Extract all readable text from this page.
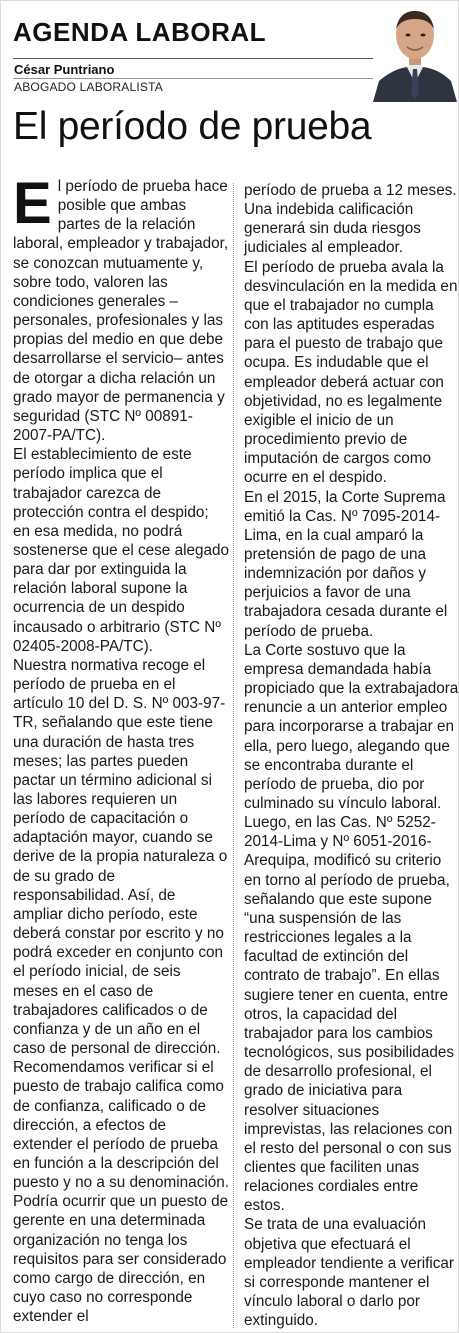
AGENDA LABORAL
César Puntriano
ABOGADO LABORALISTA
El período de prueba

El período de prueba hace posible que ambas partes de la relación laboral, empleador y trabajador, se conozcan mutuamente y, sobre todo, valoren las condiciones generales –personales, profesionales y las propias del medio en que debe desarrollarse el servicio– antes de otorgar a dicha relación un grado mayor de permanencia y seguridad (STC Nº 00891-2007-PA/TC).

El establecimiento de este período implica que el trabajador carezca de protección contra el despido; en esa medida, no podrá sostenerse que el cese alegado para dar por extinguida la relación laboral supone la ocurrencia de un despido incausado o arbitrario (STC Nº 02405-2008-PA/TC).

Nuestra normativa recoge el período de prueba en el artículo 10 del D. S. Nº 003-97-TR, señalando que este tiene una duración de hasta tres meses; las partes pueden pactar un término adicional si las labores requieren un período de capacitación o adaptación mayor, cuando se derive de la propia naturaleza o de su grado de responsabilidad. Así, de ampliar dicho período, este deberá constar por escrito y no podrá exceder en conjunto con el período inicial, de seis meses en el caso de trabajadores calificados o de confianza y de un año en el caso de personal de dirección.

Recomendamos verificar si el puesto de trabajo califica como de confianza, calificado o de dirección, a efectos de extender el período de prueba en función a la descripción del puesto y no a su denominación. Podría ocurrir que un puesto de gerente en una determinada organización no tenga los requisitos para ser considerado como cargo de dirección, en cuyo caso no corresponde extender el

período de prueba a 12 meses. Una indebida calificación generará sin duda riesgos judiciales al empleador.

El período de prueba avala la desvinculación en la medida en que el trabajador no cumpla con las aptitudes esperadas para el puesto de trabajo que ocupa. Es indudable que el empleador deberá actuar con objetividad, no es legalmente exigible el inicio de un procedimiento previo de imputación de cargos como ocurre en el despido.

En el 2015, la Corte Suprema emitió la Cas. Nº 7095-2014-Lima, en la cual amparó la pretensión de pago de una indemnización por daños y perjuicios a favor de una trabajadora cesada durante el período de prueba.

La Corte sostuvo que la empresa demandada había propiciado que la extrabajadora renuncie a un anterior empleo para incorporarse a trabajar en ella, pero luego, alegando que se encontraba durante el período de prueba, dio por culminado su vínculo laboral. Luego, en las Cas. Nº 5252-2014-Lima y Nº 6051-2016-Arequipa, modificó su criterio en torno al período de prueba, señalando que este supone “una suspensión de las restricciones legales a la facultad de extinción del contrato de trabajo”. En ellas sugiere tener en cuenta, entre otros, la capacidad del trabajador para los cambios tecnológicos, sus posibilidades de desarrollo profesional, el grado de iniciativa para resolver situaciones imprevistas, las relaciones con el resto del personal o con sus clientes que faciliten unas relaciones cordiales entre estos.

Se trata de una evaluación objetiva que efectuará el empleador tendiente a verificar si corresponde mantener el vínculo laboral o darlo por extinguido.
